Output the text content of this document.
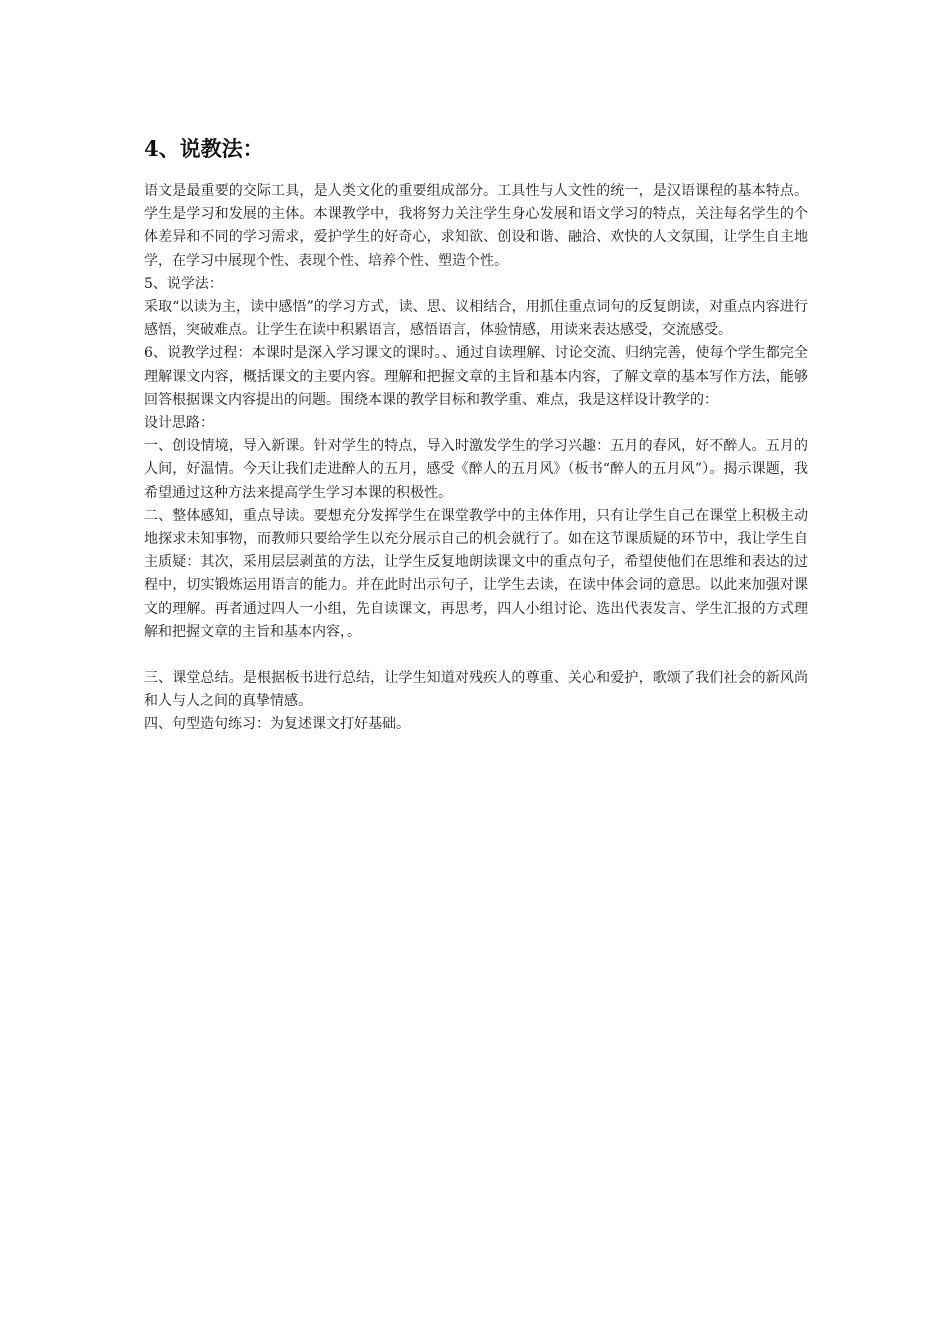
4、说教法：

语文是最重要的交际工具，是人类文化的重要组成部分。工具性与人文性的统一，是汉语课程的基本特点。学生是学习和发展的主体。本课教学中，我将努力关注学生身心发展和语文学习的特点，关注每名学生的个体差异和不同的学习需求，爱护学生的好奇心，求知欲、创设和谐、融洽、欢快的人文氛围，让学生自主地学，在学习中展现个性、表现个性、培养个性、塑造个性。

5、说学法：

采取“以读为主，读中感悟”的学习方式，读、思、议相结合，用抓住重点词句的反复朗读，对重点内容进行感悟，突破难点。让学生在读中积累语言，感悟语言，体验情感，用读来表达感受，交流感受。

6、说教学过程：本课时是深入学习课文的课时。、通过自读理解、讨论交流、归纳完善，使每个学生都完全理解课文内容，概括课文的主要内容。理解和把握文章的主旨和基本内容，了解文章的基本写作方法，能够回答根据课文内容提出的问题。围绕本课的教学目标和教学重、难点，我是这样设计教学的：

设计思路：

一、创设情境，导入新课。针对学生的特点，导入时激发学生的学习兴趣：五月的春风，好不醉人。五月的人间，好温情。今天让我们走进醉人的五月，感受《醉人的五月风》（板书“醉人的五月风”）。揭示课题，我希望通过这种方法来提高学生学习本课的积极性。

二、整体感知，重点导读。要想充分发挥学生在课堂教学中的主体作用，只有让学生自己在课堂上积极主动地探求未知事物，而教师只要给学生以充分展示自己的机会就行了。如在这节课质疑的环节中，我让学生自主质疑：其次，采用层层剥茧的方法，让学生反复地朗读课文中的重点句子，希望使他们在思维和表达的过程中，切实锻炼运用语言的能力。并在此时出示句子，让学生去读，在读中体会词的意思。以此来加强对课文的理解。再者通过四人一小组，先自读课文，再思考，四人小组讨论、选出代表发言、学生汇报的方式理解和把握文章的主旨和基本内容，。

三、课堂总结。是根据板书进行总结，让学生知道对残疾人的尊重、关心和爱护，歌颂了我们社会的新风尚和人与人之间的真挚情感。

四、句型造句练习：为复述课文打好基础。
